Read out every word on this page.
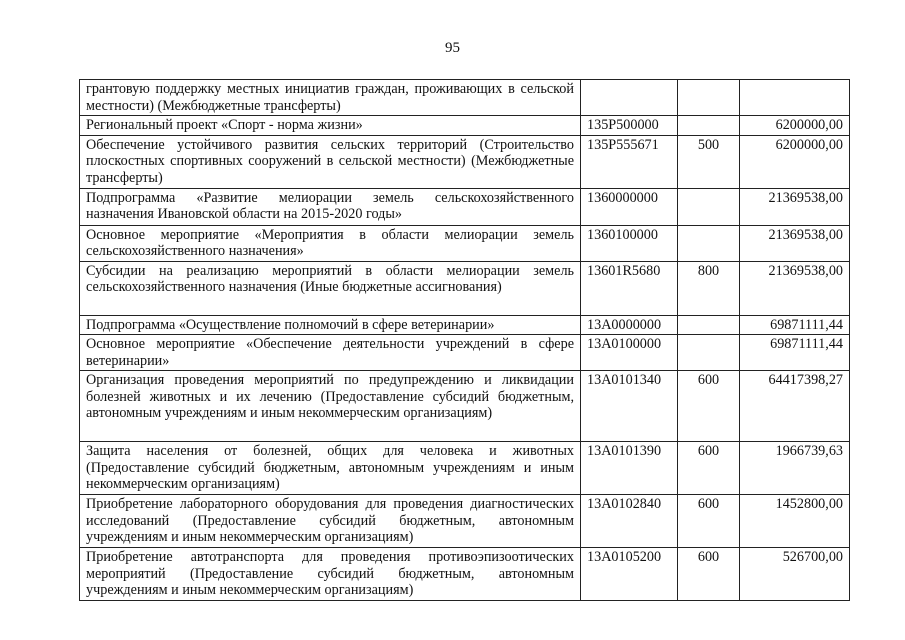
95
грантовую поддержку местных инициатив граждан, проживающих в сельской местности) (Межбюджетные трансферты)			
Региональный проект «Спорт - норма жизни»	135P500000		6200000,00
Обеспечение устойчивого развития сельских территорий (Строительство плоскостных спортивных сооружений в сельской местности) (Межбюджетные трансферты)	135P555671	500	6200000,00
Подпрограмма «Развитие мелиорации земель сельскохозяйственного назначения Ивановской области на 2015-2020 годы»	1360000000		21369538,00
Основное мероприятие «Мероприятия в области мелиорации земель сельскохозяйственного назначения»	1360100000		21369538,00
Субсидии на реализацию мероприятий в области мелиорации земель сельскохозяйственного назначения (Иные бюджетные ассигнования)	13601R5680	800	21369538,00
Подпрограмма «Осуществление полномочий в сфере ветеринарии»	13А0000000		69871111,44
Основное мероприятие «Обеспечение деятельности учреждений в сфере ветеринарии»	13А0100000		69871111,44
Организация проведения мероприятий по предупреждению и ликвидации болезней животных и их лечению (Предоставление субсидий бюджетным, автономным учреждениям и иным некоммерческим организациям)	13А0101340	600	64417398,27
Защита населения от болезней, общих для человека и животных (Предоставление субсидий бюджетным, автономным учреждениям и иным некоммерческим организациям)	13А0101390	600	1966739,63
Приобретение лабораторного оборудования для проведения диагностических исследований (Предоставление субсидий бюджетным, автономным учреждениям и иным некоммерческим организациям)	13А0102840	600	1452800,00
Приобретение автотранспорта для проведения противоэпизоотических мероприятий (Предоставление субсидий бюджетным, автономным учреждениям и иным некоммерческим организациям)	13А0105200	600	526700,00
